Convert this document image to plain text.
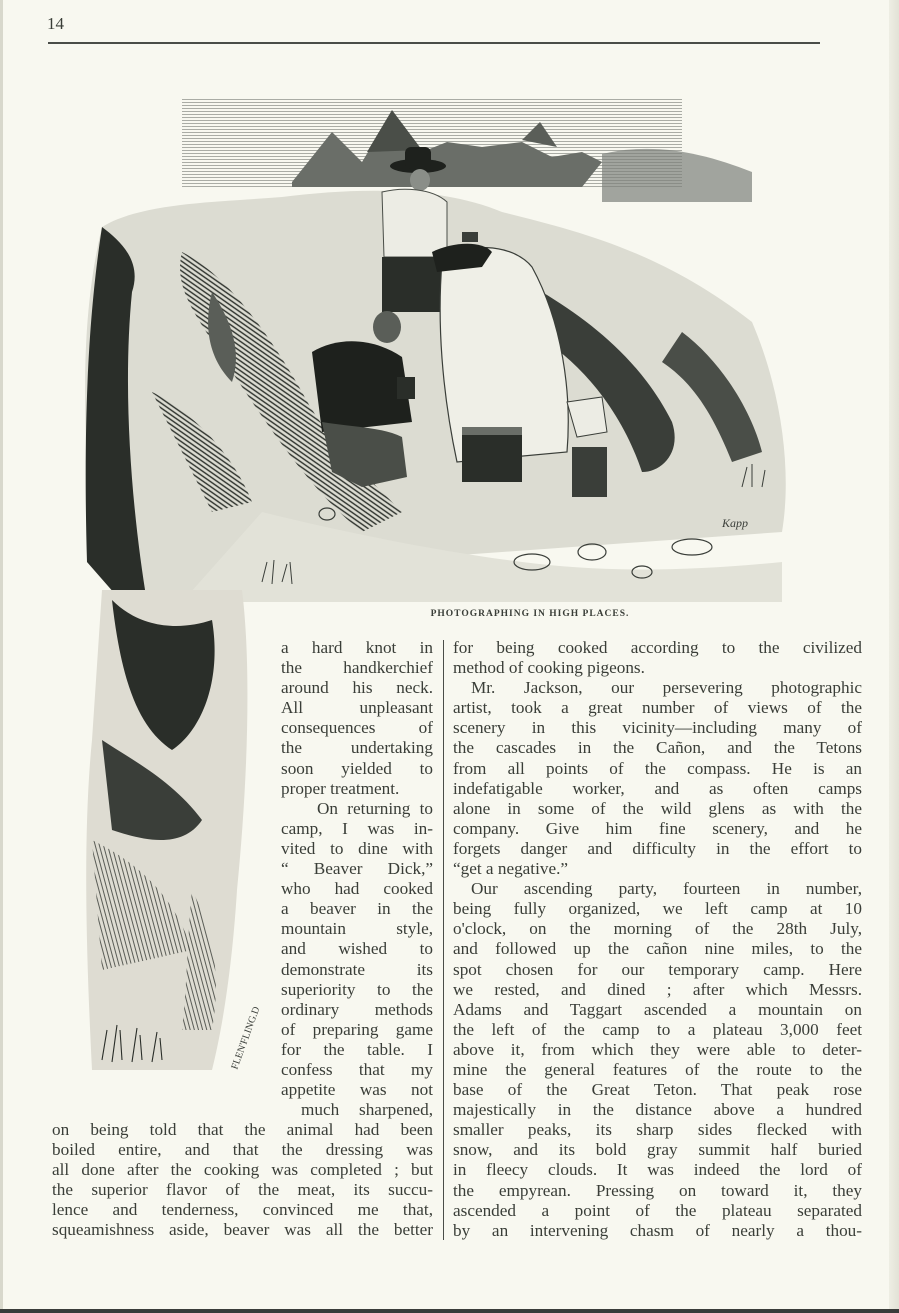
14
Kapp
FLEN'FLING.D
PHOTOGRAPHING IN HIGH PLACES.
a hard knot in
the handkerchief
around his neck.
All unpleasant
consequences of
the undertaking
soon yielded to
proper treatment.
On returning to
camp, I was in-
vited to dine with
“ Beaver Dick,”
who had cooked
a beaver in the
mountain style,
and wished to
demonstrate its
superiority to the
ordinary methods
of preparing game
for the table. I
confess that my
appetite was not
much sharpened,
on being told that the animal had been
boiled entire, and that the dressing was
all done after the cooking was completed ; but
the superior flavor of the meat, its succu-
lence and tenderness, convinced me that,
squeamishness aside, beaver was all the better
for being cooked according to the civilized
method of cooking pigeons.
Mr. Jackson, our persevering photographic
artist, took a great number of views of the
scenery in this vicinity—including many of
the cascades in the Cañon, and the Tetons
from all points of the compass. He is an
indefatigable worker, and as often camps
alone in some of the wild glens as with the
company. Give him fine scenery, and he
forgets danger and difficulty in the effort to
“get a negative.”
Our ascending party, fourteen in number,
being fully organized, we left camp at 10
o'clock, on the morning of the 28th July,
and followed up the cañon nine miles, to the
spot chosen for our temporary camp. Here
we rested, and dined ; after which Messrs.
Adams and Taggart ascended a mountain on
the left of the camp to a plateau 3,000 feet
above it, from which they were able to deter-
mine the general features of the route to the
base of the Great Teton. That peak rose
majestically in the distance above a hundred
smaller peaks, its sharp sides flecked with
snow, and its bold gray summit half buried
in fleecy clouds. It was indeed the lord of
the empyrean. Pressing on toward it, they
ascended a point of the plateau separated
by an intervening chasm of nearly a thou-
